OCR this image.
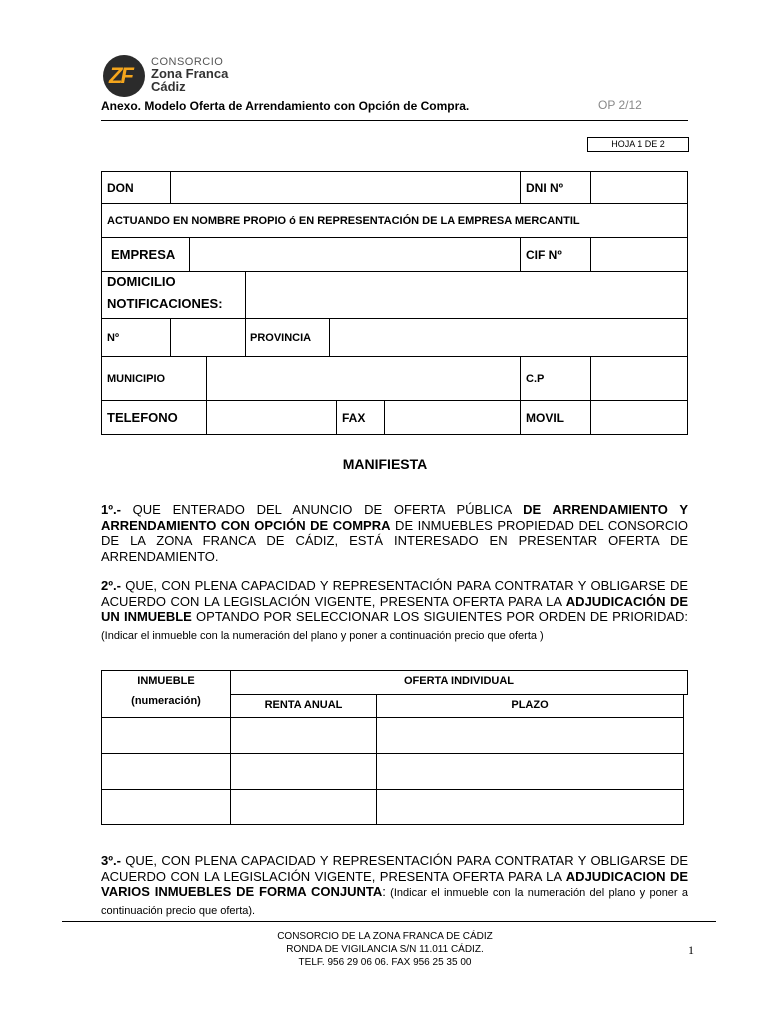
ZF
CONSORCIO
Zona Franca
Cádiz
Anexo. Modelo Oferta de Arrendamiento con Opción de Compra.	OP 2/12
HOJA 1 DE 2
DON	DNI Nº
ACTUANDO EN NOMBRE PROPIO ó EN REPRESENTACIÓN DE LA EMPRESA MERCANTIL
EMPRESA	CIF Nº
DOMICILIO
NOTIFICACIONES:
Nº	PROVINCIA
MUNICIPIO	C.P
TELEFONO	FAX	MOVIL
MANIFIESTA
1º.- QUE ENTERADO DEL ANUNCIO DE OFERTA PÚBLICA DE ARRENDAMIENTO Y ARRENDAMIENTO CON OPCIÓN DE COMPRA DE INMUEBLES PROPIEDAD DEL CONSORCIO DE LA ZONA FRANCA DE CÁDIZ, ESTÁ INTERESADO EN PRESENTAR OFERTA DE ARRENDAMIENTO.
2º.- QUE, CON PLENA CAPACIDAD Y REPRESENTACIÓN PARA CONTRATAR Y OBLIGARSE DE ACUERDO CON LA LEGISLACIÓN VIGENTE, PRESENTA OFERTA PARA LA ADJUDICACIÓN DE UN INMUEBLE OPTANDO POR SELECCIONAR LOS SIGUIENTES POR ORDEN DE PRIORIDAD: (Indicar el inmueble con la numeración del plano y poner a continuación precio que oferta )
INMUEBLE
(numeración)
OFERTA INDIVIDUAL
RENTA ANUAL	PLAZO
3º.- QUE, CON PLENA CAPACIDAD Y REPRESENTACIÓN PARA CONTRATAR Y OBLIGARSE DE ACUERDO CON LA LEGISLACIÓN VIGENTE, PRESENTA OFERTA PARA LA ADJUDICACION DE VARIOS INMUEBLES DE FORMA CONJUNTA: (Indicar el inmueble con la numeración del plano y poner a continuación precio que oferta).
CONSORCIO DE LA ZONA FRANCA DE CÁDIZ
RONDA DE VIGILANCIA S/N 11.011 CÁDIZ.
TELF. 956 29 06 06. FAX 956 25 35 00
1
